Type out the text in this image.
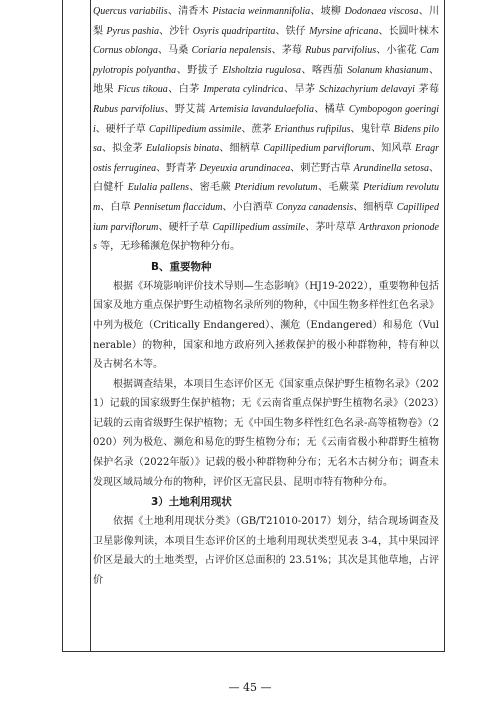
Quercus variabilis、清香木 Pistacia weinmannifolia、坡柳 Dodonaea viscosa、川梨 Pyrus pashia、沙针 Osyris quadripartita、铁仔 Myrsine africana、长圆叶梾木 Cornus oblonga、马桑 Coriaria nepalensis、茅莓 Rubus parvifolius、小雀花 Campylotropis polyantha、野拔子 Elsholtzia rugulosa、喀西茄 Solanum khasianum、地果 Ficus tikoua、白茅 Imperata cylindrica、旱茅 Schizachyrium delavayi 茅莓 Rubus parvifolius、野艾蒿 Artemisia lavandulaefolia、橘草 Cymbopogon goeringii、硬杆子草 Capillipedium assimile、蔗茅 Erianthus rufipilus、鬼针草 Bidens pilosa、拟金茅 Eulaliopsis binata、细柄草 Capillipedium parviflorum、知风草 Eragrostis ferruginea、野青茅 Deyeuxia arundinacea、刺芒野古草 Arundinella setosa、白健杆 Eulalia pallens、密毛蕨 Pteridium revolutum、毛蕨菜 Pteridium revolutum、白草 Pennisetum flaccidum、小白酒草 Conyza canadensis、细柄草 Capillipedium parviflorum、硬杆子草 Capillipedium assimile、茅叶荩草 Arthraxon prionodes 等，无珍稀濒危保护物种分布。

B、重要物种

根据《环境影响评价技术导则—生态影响》（HJ19-2022），重要物种包括国家及地方重点保护野生动植物名录所列的物种，《中国生物多样性红色名录》中列为极危（Critically Endangered）、濒危（Endangered）和易危（Vulnerable）的物种，国家和地方政府列入拯救保护的极小种群物种，特有种以及古树名木等。

根据调查结果，本项目生态评价区无《国家重点保护野生植物名录》（2021）记载的国家级野生保护植物；无《云南省重点保护野生植物名录》（2023）记载的云南省级野生保护植物；无《中国生物多样性红色名录-高等植物卷》（2020）列为极危、濒危和易危的野生植物分布；无《云南省极小种群野生植物保护名录（2022年版）》记载的极小种群物种分布；无名木古树分布；调查未发现区域局域分布的物种，评价区无富民县、昆明市特有物种分布。

3）土地利用现状

依据《土地利用现状分类》（GB/T21010-2017）划分，结合现场调查及卫星影像判读，本项目生态评价区的土地利用现状类型见表 3-4，其中果园评价区是最大的土地类型，占评价区总面积的 23.51%；其次是其他草地，占评价

— 45 —
